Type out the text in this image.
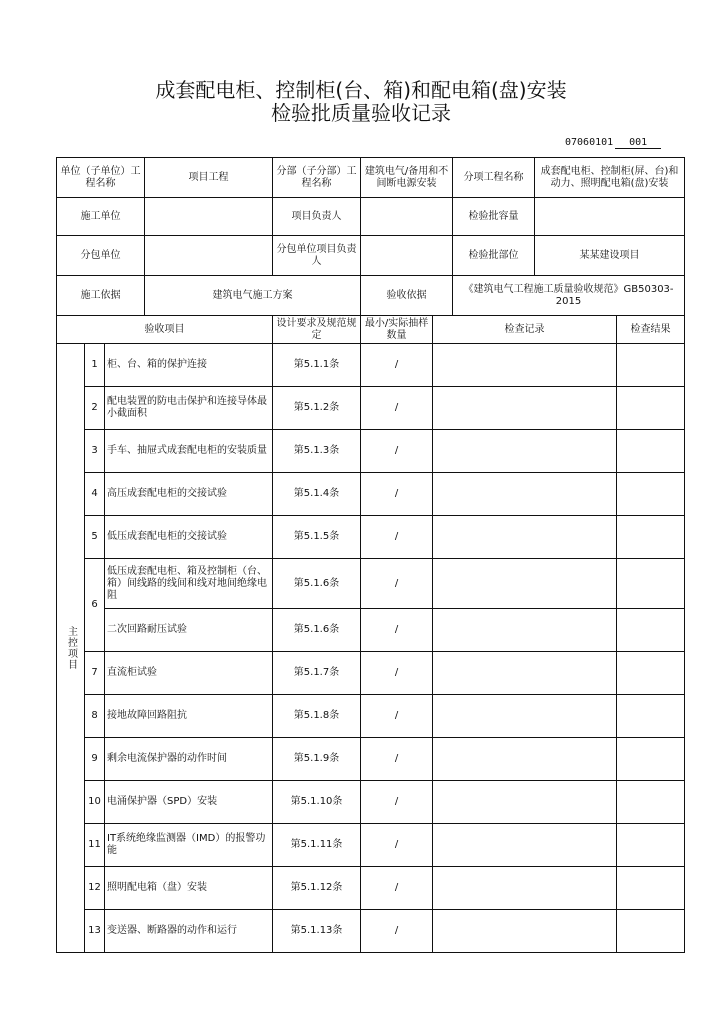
成套配电柜、控制柜(台、箱)和配电箱(盘)安装
检验批质量验收记录
07060101 001
单位（子单位）工程名称			项目工程	分部（子分部）工程名称	建筑电气/备用和不间断电源安装		分项工程名称	成套配电柜、控制柜(屏、台)和动力、照明配电箱(盘)安装	
施工单位				项目负责人			检验批容量		
分包单位				分包单位项目负责人			检验批部位	某某建设项目	
施工依据			建筑电气施工方案		验收依据		《建筑电气工程施工质量验收规范》GB50303-2015		
验收项目				设计要求及规范规定	最小/实际抽样数量	检查记录			检查结果
主控项目	1	柜、台、箱的保护连接		第5.1.1条	/				
	2	配电装置的防电击保护和连接导体最小截面积		第5.1.2条	/				
	3	手车、抽屉式成套配电柜的安装质量		第5.1.3条	/				
	4	高压成套配电柜的交接试验		第5.1.4条	/				
	5	低压成套配电柜的交接试验		第5.1.5条	/				
	6	低压成套配电柜、箱及控制柜（台、箱）间线路的线间和线对地间绝缘电阻		第5.1.6条	/				
		二次回路耐压试验		第5.1.6条	/				
	7	直流柜试验		第5.1.7条	/				
	8	接地故障回路阻抗		第5.1.8条	/				
	9	剩余电流保护器的动作时间		第5.1.9条	/				
	10	电涌保护器（SPD）安装		第5.1.10条	/				
	11	IT系统绝缘监测器（IMD）的报警功能		第5.1.11条	/				
	12	照明配电箱（盘）安装		第5.1.12条	/				
	13	变送器、断路器的动作和运行		第5.1.13条	/				
